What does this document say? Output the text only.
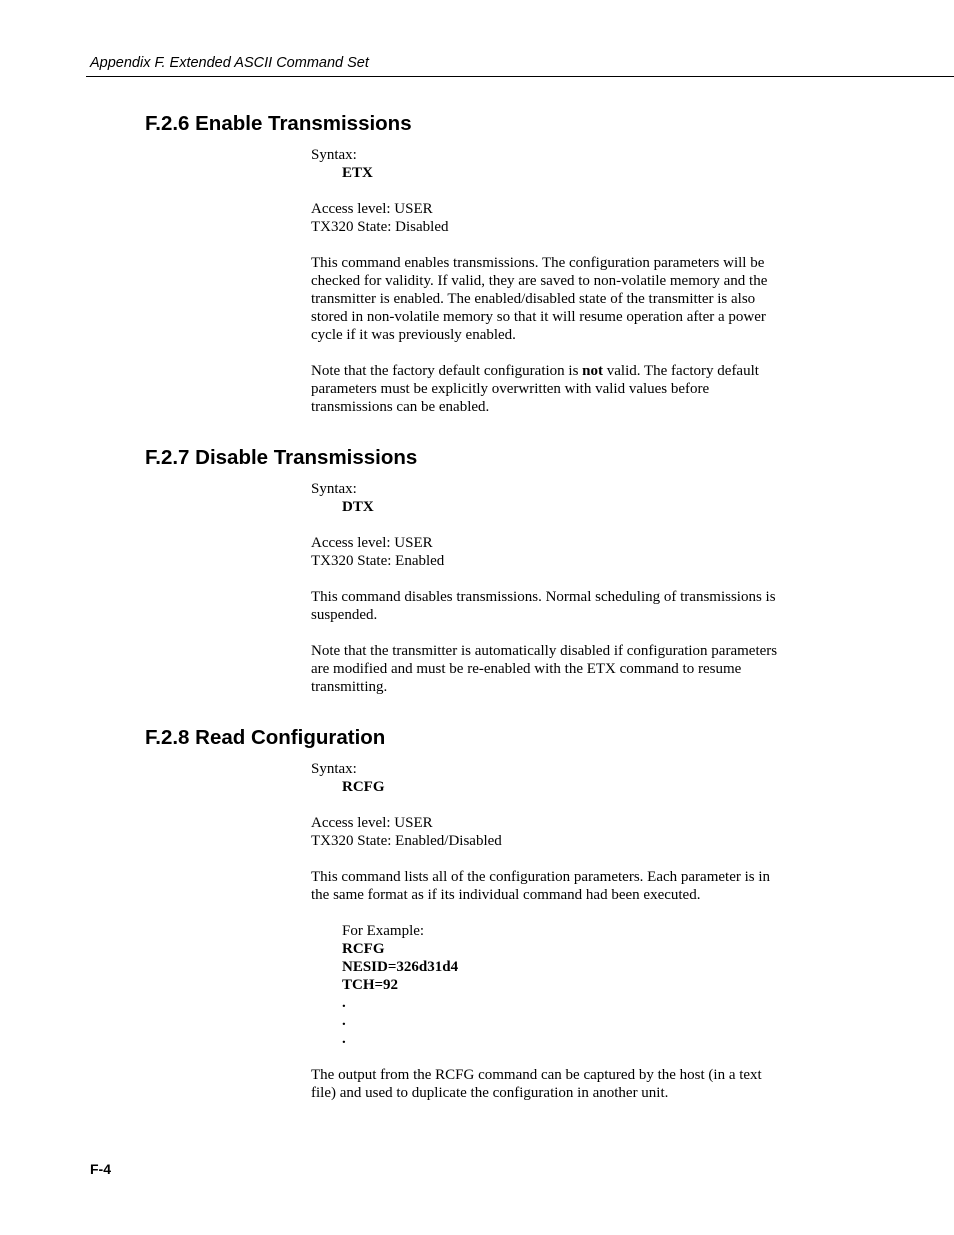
Appendix F. Extended ASCII Command Set
F.2.6 Enable Transmissions

Syntax:

ETX

Access level: USER

TX320 State: Disabled

This command enables transmissions. The configuration parameters will be

checked for validity. If valid, they are saved to non-volatile memory and the

transmitter is enabled. The enabled/disabled state of the transmitter is also

stored in non-volatile memory so that it will resume operation after a power

cycle if it was previously enabled.

Note that the factory default configuration is not valid. The factory default

parameters must be explicitly overwritten with valid values before

transmissions can be enabled.

F.2.7 Disable Transmissions

Syntax:

DTX

Access level: USER

TX320 State: Enabled

This command disables transmissions. Normal scheduling of transmissions is

suspended.

Note that the transmitter is automatically disabled if configuration parameters

are modified and must be re-enabled with the ETX command to resume

transmitting.

F.2.8 Read Configuration

Syntax:

RCFG

Access level: USER

TX320 State: Enabled/Disabled

This command lists all of the configuration parameters. Each parameter is in

the same format as if its individual command had been executed.

For Example:

RCFG

NESID=326d31d4

TCH=92

.

.

.

The output from the RCFG command can be captured by the host (in a text

file) and used to duplicate the configuration in another unit.

F-4
